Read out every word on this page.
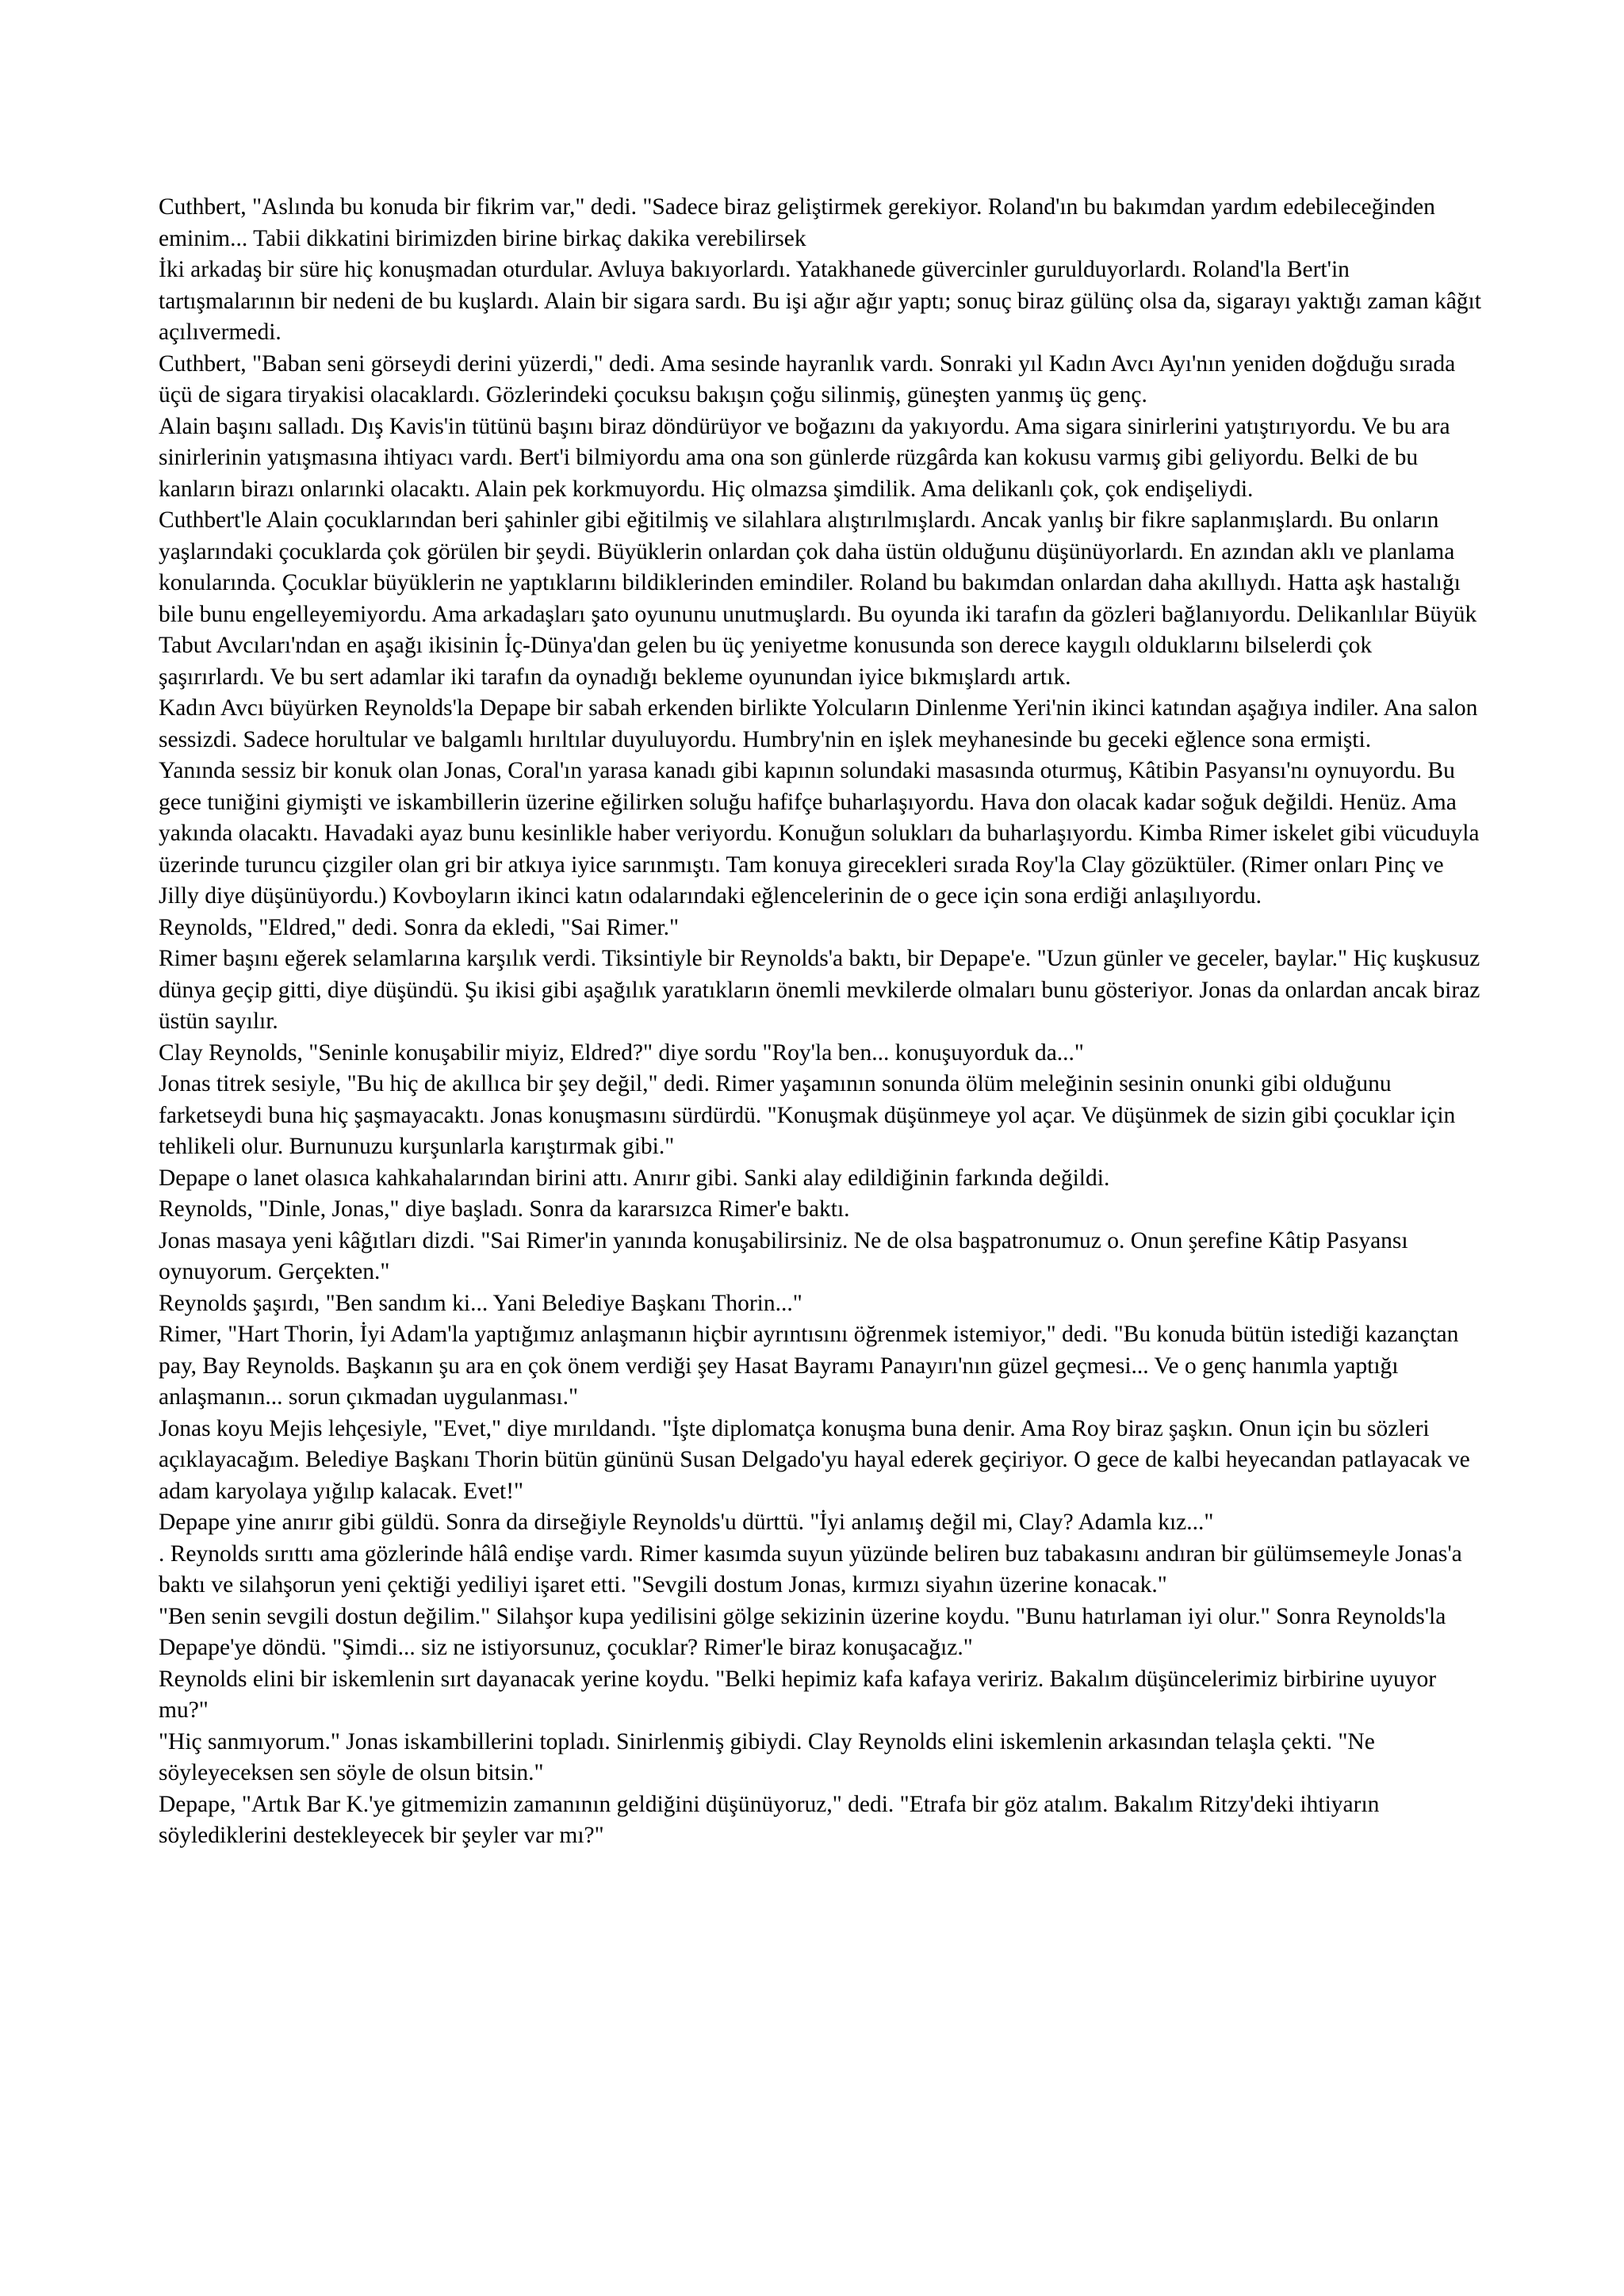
Cuthbert, "Aslında bu konuda bir fikrim var," dedi. "Sadece biraz geliştirmek gerekiyor. Roland'ın bu bakımdan yardım edebileceğinden eminim... Tabii dikkatini birimizden birine birkaç dakika verebilirsek

İki arkadaş bir süre hiç konuşmadan oturdular. Avluya bakıyorlardı. Yatakhanede güvercinler gurulduyorlardı. Roland'la Bert'in tartışmalarının bir nedeni de bu kuşlardı. Alain bir sigara sardı. Bu işi ağır ağır yaptı; sonuç biraz gülünç olsa da, sigarayı yaktığı zaman kâğıt açılıvermedi.

Cuthbert, "Baban seni görseydi derini yüzerdi," dedi. Ama sesinde hayranlık vardı. Sonraki yıl Kadın Avcı Ayı'nın yeniden doğduğu sırada üçü de sigara tiryakisi olacaklardı. Gözlerindeki çocuksu bakışın çoğu silinmiş, güneşten yanmış üç genç.

Alain başını salladı. Dış Kavis'in tütünü başını biraz döndürüyor ve boğazını da yakıyordu. Ama sigara sinirlerini yatıştırıyordu. Ve bu ara sinirlerinin yatışmasına ihtiyacı vardı. Bert'i bilmiyordu ama ona son günlerde rüzgârda kan kokusu varmış gibi geliyordu. Belki de bu kanların birazı onlarınki olacaktı. Alain pek korkmuyordu. Hiç olmazsa şimdilik. Ama delikanlı çok, çok endişeliydi.

Cuthbert'le Alain çocuklarından beri şahinler gibi eğitilmiş ve silahlara alıştırılmışlardı. Ancak yanlış bir fikre saplanmışlardı. Bu onların yaşlarındaki çocuklarda çok görülen bir şeydi. Büyüklerin onlardan çok daha üstün olduğunu düşünüyorlardı. En azından aklı ve planlama konularında. Çocuklar büyüklerin ne yaptıklarını bildiklerinden emindiler. Roland bu bakımdan onlardan daha akıllıydı. Hatta aşk hastalığı bile bunu engelleyemiyordu. Ama arkadaşları şato oyununu unutmuşlardı. Bu oyunda iki tarafın da gözleri bağlanıyordu. Delikanlılar Büyük Tabut Avcıları'ndan en aşağı ikisinin İç-Dünya'dan gelen bu üç yeniyetme konusunda son derece kaygılı olduklarını bilselerdi çok şaşırırlardı. Ve bu sert adamlar iki tarafın da oynadığı bekleme oyunundan iyice bıkmışlardı artık.

Kadın Avcı büyürken Reynolds'la Depape bir sabah erkenden birlikte Yolcuların Dinlenme Yeri'nin ikinci katından aşağıya indiler. Ana salon sessizdi. Sadece horultular ve balgamlı hırıltılar duyuluyordu. Humbry'nin en işlek meyhanesinde bu geceki eğlence sona ermişti.

Yanında sessiz bir konuk olan Jonas, Coral'ın yarasa kanadı gibi kapının solundaki masasında oturmuş, Kâtibin Pasyansı'nı oynuyordu. Bu gece tuniğini giymişti ve iskambillerin üzerine eğilirken soluğu hafifçe buharlaşıyordu. Hava don olacak kadar soğuk değildi. Henüz. Ama yakında olacaktı. Havadaki ayaz bunu kesinlikle haber veriyordu. Konuğun solukları da buharlaşıyordu. Kimba Rimer iskelet gibi vücuduyla üzerinde turuncu çizgiler olan gri bir atkıya iyice sarınmıştı. Tam konuya girecekleri sırada Roy'la Clay gözüktüler. (Rimer onları Pinç ve Jilly diye düşünüyordu.) Kovboyların ikinci katın odalarındaki eğlencelerinin de o gece için sona erdiği anlaşılıyordu.

Reynolds, "Eldred," dedi. Sonra da ekledi, "Sai Rimer."

Rimer başını eğerek selamlarına karşılık verdi. Tiksintiyle bir Reynolds'a baktı, bir Depape'e. "Uzun günler ve geceler, baylar." Hiç kuşkusuz dünya geçip gitti, diye düşündü. Şu ikisi gibi aşağılık yaratıkların önemli mevkilerde olmaları bunu gösteriyor. Jonas da onlardan ancak biraz üstün sayılır.

Clay Reynolds, "Seninle konuşabilir miyiz, Eldred?" diye sordu "Roy'la ben... konuşuyorduk da..."

Jonas titrek sesiyle, "Bu hiç de akıllıca bir şey değil," dedi. Rimer yaşamının sonunda ölüm meleğinin sesinin onunki gibi olduğunu farketseydi buna hiç şaşmayacaktı. Jonas konuşmasını sürdürdü. "Konuşmak düşünmeye yol açar. Ve düşünmek de sizin gibi çocuklar için tehlikeli olur. Burnunuzu kurşunlarla karıştırmak gibi."

Depape o lanet olasıca kahkahalarından birini attı. Anırır gibi. Sanki alay edildiğinin farkında değildi.

Reynolds, "Dinle, Jonas," diye başladı. Sonra da kararsızca Rimer'e baktı.

Jonas masaya yeni kâğıtları dizdi. "Sai Rimer'in yanında konuşabilirsiniz. Ne de olsa başpatronumuz o. Onun şerefine Kâtip Pasyansı oynuyorum. Gerçekten."

Reynolds şaşırdı, "Ben sandım ki... Yani Belediye Başkanı Thorin..."

Rimer, "Hart Thorin, İyi Adam'la yaptığımız anlaşmanın hiçbir ayrıntısını öğrenmek istemiyor," dedi. "Bu konuda bütün istediği kazançtan pay, Bay Reynolds. Başkanın şu ara en çok önem verdiği şey Hasat Bayramı Panayırı'nın güzel geçmesi... Ve o genç hanımla yaptığı anlaşmanın... sorun çıkmadan uygulanması."

Jonas koyu Mejis lehçesiyle, "Evet," diye mırıldandı. "İşte diplomatça konuşma buna denir. Ama Roy biraz şaşkın. Onun için bu sözleri açıklayacağım. Belediye Başkanı Thorin bütün gününü Susan Delgado'yu hayal ederek geçiriyor. O gece de kalbi heyecandan patlayacak ve adam karyolaya yığılıp kalacak. Evet!"

Depape yine anırır gibi güldü. Sonra da dirseğiyle Reynolds'u dürttü. "İyi anlamış değil mi, Clay? Adamla kız..."

. Reynolds sırıttı ama gözlerinde hâlâ endişe vardı. Rimer kasımda suyun yüzünde beliren buz tabakasını andıran bir gülümsemeyle Jonas'a baktı ve silahşorun yeni çektiği yediliyi işaret etti. "Sevgili dostum Jonas, kırmızı siyahın üzerine konacak."

"Ben senin sevgili dostun değilim." Silahşor kupa yedilisini gölge sekizinin üzerine koydu. "Bunu hatırlaman iyi olur." Sonra Reynolds'la Depape'ye döndü. "Şimdi... siz ne istiyorsunuz, çocuklar? Rimer'le biraz konuşacağız."

Reynolds elini bir iskemlenin sırt dayanacak yerine koydu. "Belki hepimiz kafa kafaya veririz. Bakalım düşüncelerimiz birbirine uyuyor mu?"

"Hiç sanmıyorum." Jonas iskambillerini topladı. Sinirlenmiş gibiydi. Clay Reynolds elini iskemlenin arkasından telaşla çekti. "Ne söyleyeceksen sen söyle de olsun bitsin."

Depape, "Artık Bar K.'ye gitmemizin zamanının geldiğini düşünüyoruz," dedi. "Etrafa bir göz atalım. Bakalım Ritzy'deki ihtiyarın söylediklerini destekleyecek bir şeyler var mı?"
